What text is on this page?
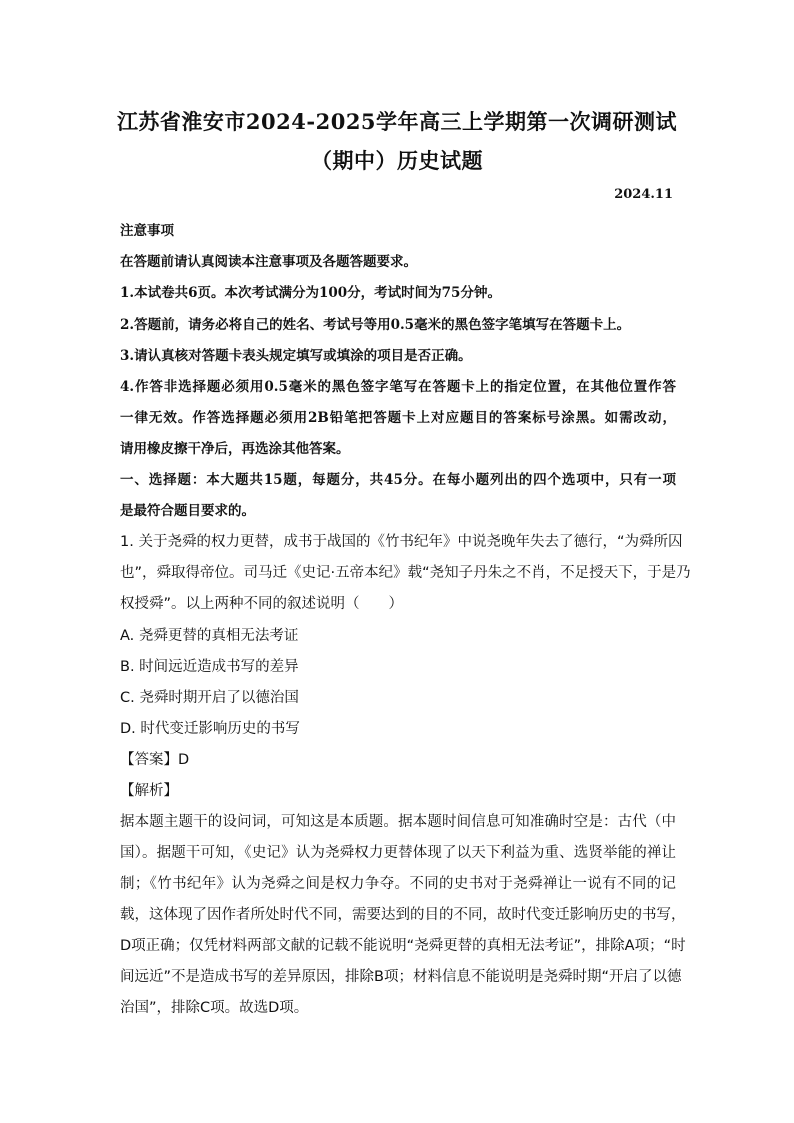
江苏省淮安市2024-2025学年高三上学期第一次调研测试
（期中）历史试题
2024.11
注意事项
在答题前请认真阅读本注意事项及各题答题要求。
1.本试卷共6页。本次考试满分为100分，考试时间为75分钟。
2.答题前，请务必将自己的姓名、考试号等用0.5毫米的黑色签字笔填写在答题卡上。
3.请认真核对答题卡表头规定填写或填涂的项目是否正确。
4.作答非选择题必须用0.5毫米的黑色签字笔写在答题卡上的指定位置，在其他位置作答
一律无效。作答选择题必须用2B铅笔把答题卡上对应题目的答案标号涂黑。如需改动，
请用橡皮擦干净后，再选涂其他答案。
一、选择题：本大题共15题，每题分，共45分。在每小题列出的四个选项中，只有一项
是最符合题目要求的。
1. 关于尧舜的权力更替，成书于战国的《竹书纪年》中说尧晚年失去了德行，“为舜所囚
也”，舜取得帝位。司马迁《史记·五帝本纪》载“尧知子丹朱之不肖，不足授天下，于是乃
权授舜”。以上两种不同的叙述说明（　　）
A. 尧舜更替的真相无法考证
B. 时间远近造成书写的差异
C. 尧舜时期开启了以德治国
D. 时代变迁影响历史的书写
【答案】D
【解析】
据本题主题干的设问词，可知这是本质题。据本题时间信息可知准确时空是：古代（中
国）。据题干可知，《史记》认为尧舜权力更替体现了以天下利益为重、选贤举能的禅让
制；《竹书纪年》认为尧舜之间是权力争夺。不同的史书对于尧舜禅让一说有不同的记
载，这体现了因作者所处时代不同，需要达到的目的不同，故时代变迁影响历史的书写，
D项正确；仅凭材料两部文献的记载不能说明“尧舜更替的真相无法考证”，排除A项；“时
间远近”不是造成书写的差异原因，排除B项；材料信息不能说明是尧舜时期“开启了以德
治国”，排除C项。故选D项。
